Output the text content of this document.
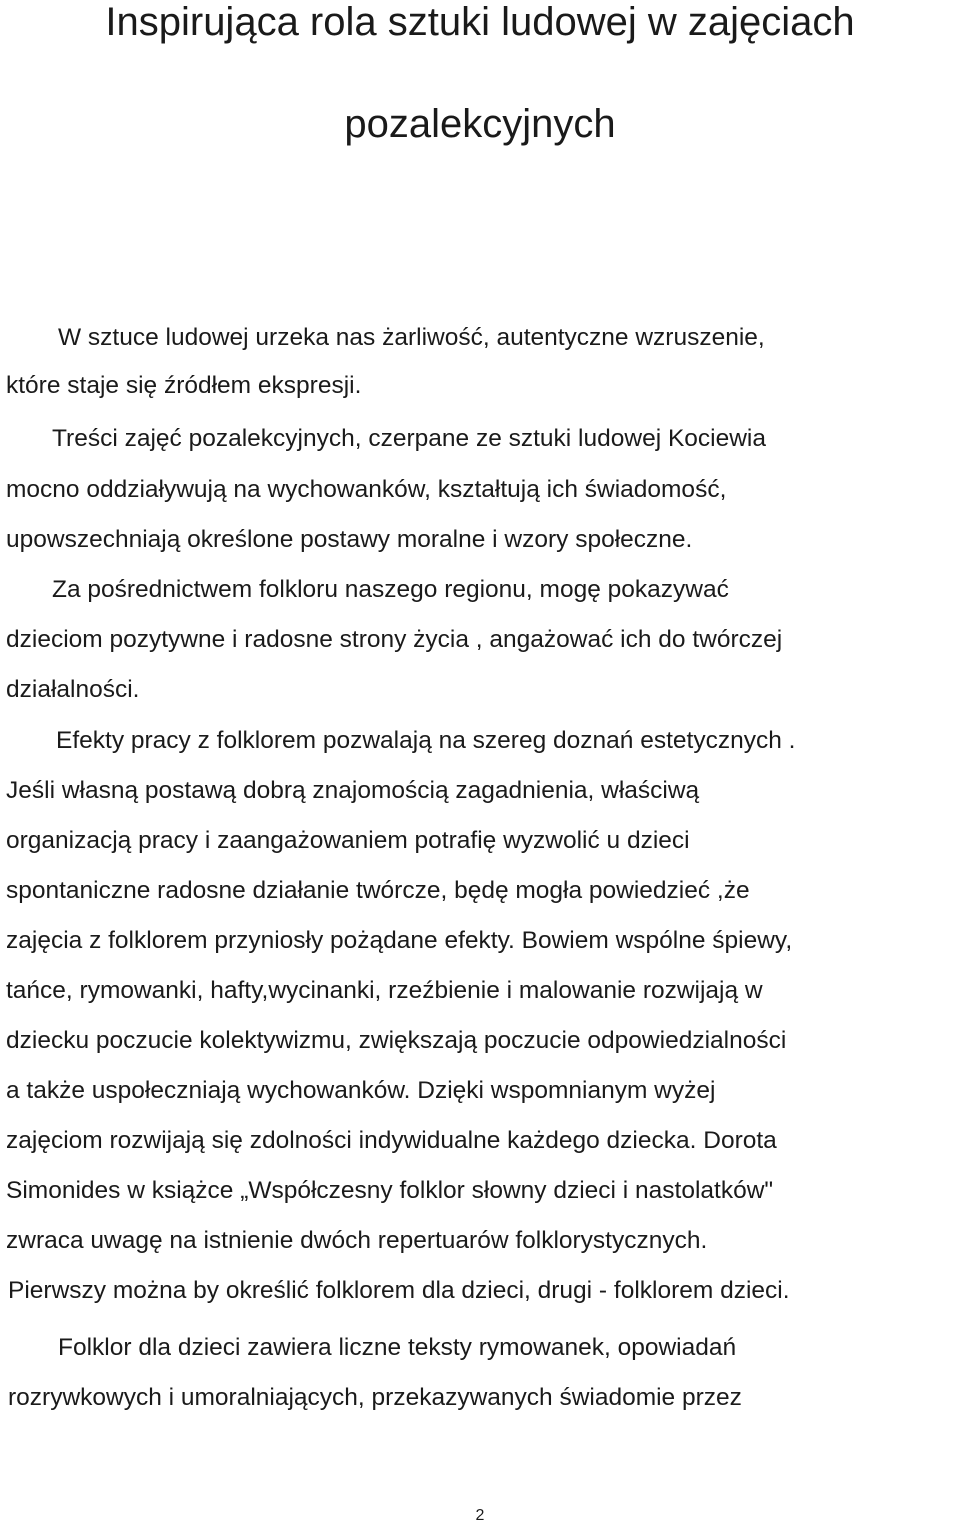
Inspirująca rola sztuki ludowej w zajęciach
pozalekcyjnych

W sztuce ludowej urzeka nas żarliwość, autentyczne wzruszenie,

które staje się źródłem ekspresji.

Treści zajęć pozalekcyjnych, czerpane ze sztuki ludowej Kociewia

mocno oddziaływują na wychowanków, kształtują ich świadomość,

upowszechniają określone postawy moralne i wzory społeczne.

Za pośrednictwem folkloru naszego regionu, mogę pokazywać

dzieciom pozytywne i radosne strony życia , angażować ich do twórczej

działalności.

Efekty pracy z folklorem pozwalają na szereg doznań estetycznych .

Jeśli własną postawą dobrą znajomością zagadnienia, właściwą

organizacją pracy i zaangażowaniem potrafię wyzwolić u dzieci

spontaniczne radosne działanie twórcze, będę mogła powiedzieć ,że

zajęcia z folklorem przyniosły pożądane efekty. Bowiem wspólne śpiewy,

tańce, rymowanki, hafty,wycinanki, rzeźbienie i malowanie rozwijają w

dziecku poczucie kolektywizmu, zwiększają poczucie odpowiedzialności

a także uspołeczniają wychowanków. Dzięki wspomnianym wyżej

zajęciom rozwijają się zdolności indywidualne każdego dziecka. Dorota

Simonides w książce „Współczesny folklor słowny dzieci i nastolatków"

zwraca uwagę na istnienie dwóch repertuarów folklorystycznych.

Pierwszy można by określić folklorem dla dzieci, drugi - folklorem dzieci.

Folklor dla dzieci zawiera liczne teksty rymowanek, opowiadań

rozrywkowych i umoralniających, przekazywanych świadomie przez

2
